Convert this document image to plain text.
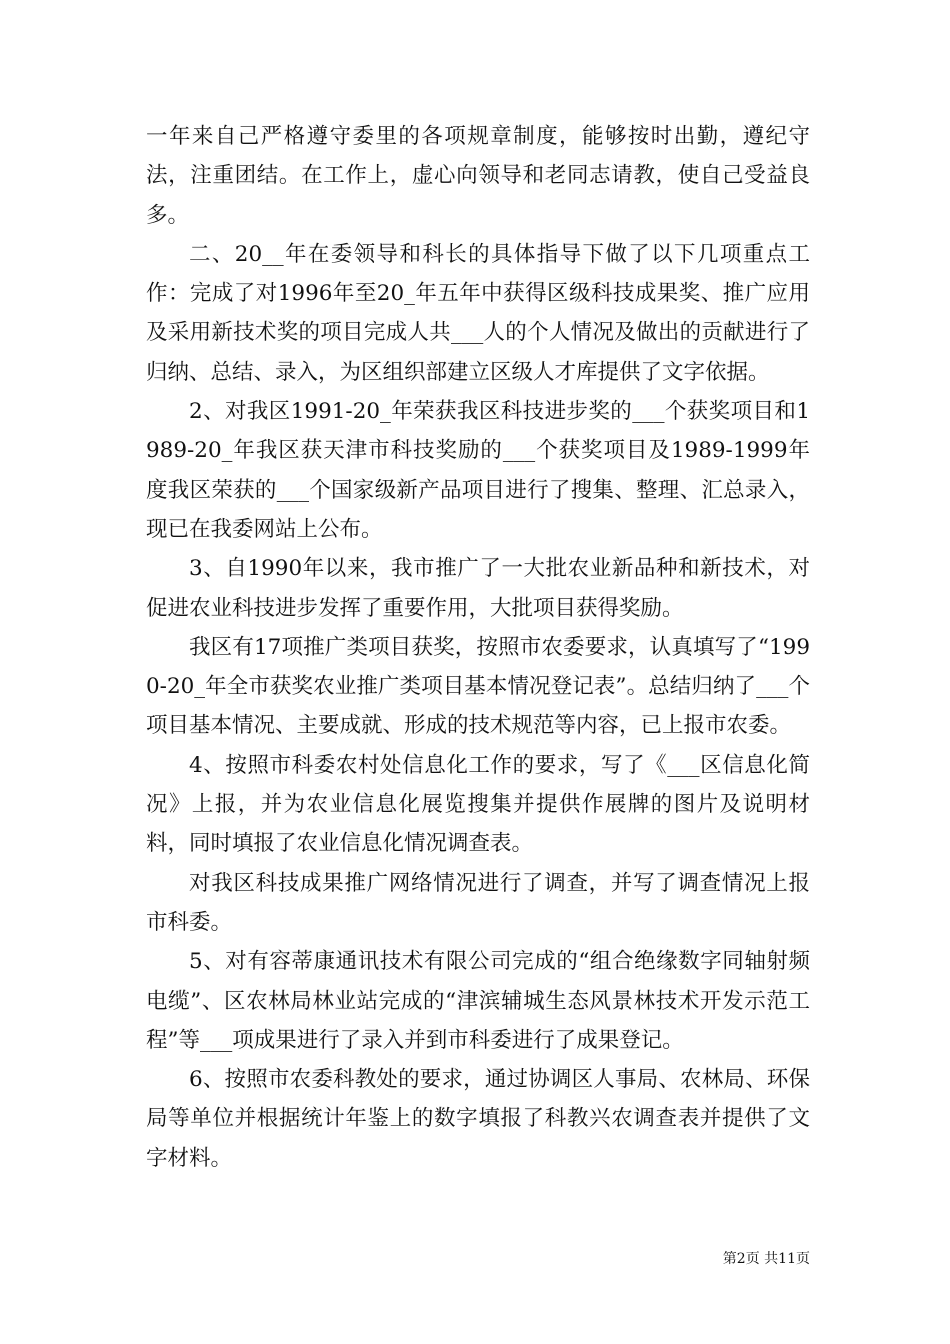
一年来自己严格遵守委里的各项规章制度，能够按时出勤，遵纪守法，注重团结。在工作上，虚心向领导和老同志请教，使自己受益良多。

二、20__年在委领导和科长的具体指导下做了以下几项重点工作：完成了对1996年至20_年五年中获得区级科技成果奖、推广应用及采用新技术奖的项目完成人共___人的个人情况及做出的贡献进行了归纳、总结、录入，为区组织部建立区级人才库提供了文字依据。

2、对我区1991-20_年荣获我区科技进步奖的___个获奖项目和1989-20_年我区获天津市科技奖励的___个获奖项目及1989-1999年度我区荣获的___个国家级新产品项目进行了搜集、整理、汇总录入，现已在我委网站上公布。

3、自1990年以来，我市推广了一大批农业新品种和新技术，对促进农业科技进步发挥了重要作用，大批项目获得奖励。

我区有17项推广类项目获奖，按照市农委要求，认真填写了“1990-20_年全市获奖农业推广类项目基本情况登记表”。总结归纳了___个项目基本情况、主要成就、形成的技术规范等内容，已上报市农委。

4、按照市科委农村处信息化工作的要求，写了《___区信息化简况》上报，并为农业信息化展览搜集并提供作展牌的图片及说明材料，同时填报了农业信息化情况调查表。

对我区科技成果推广网络情况进行了调查，并写了调查情况上报市科委。

5、对有容蒂康通讯技术有限公司完成的“组合绝缘数字同轴射频电缆”、区农林局林业站完成的“津滨辅城生态风景林技术开发示范工程”等___项成果进行了录入并到市科委进行了成果登记。

6、按照市农委科教处的要求，通过协调区人事局、农林局、环保局等单位并根据统计年鉴上的数字填报了科教兴农调查表并提供了文字材料。

第2页 共11页
